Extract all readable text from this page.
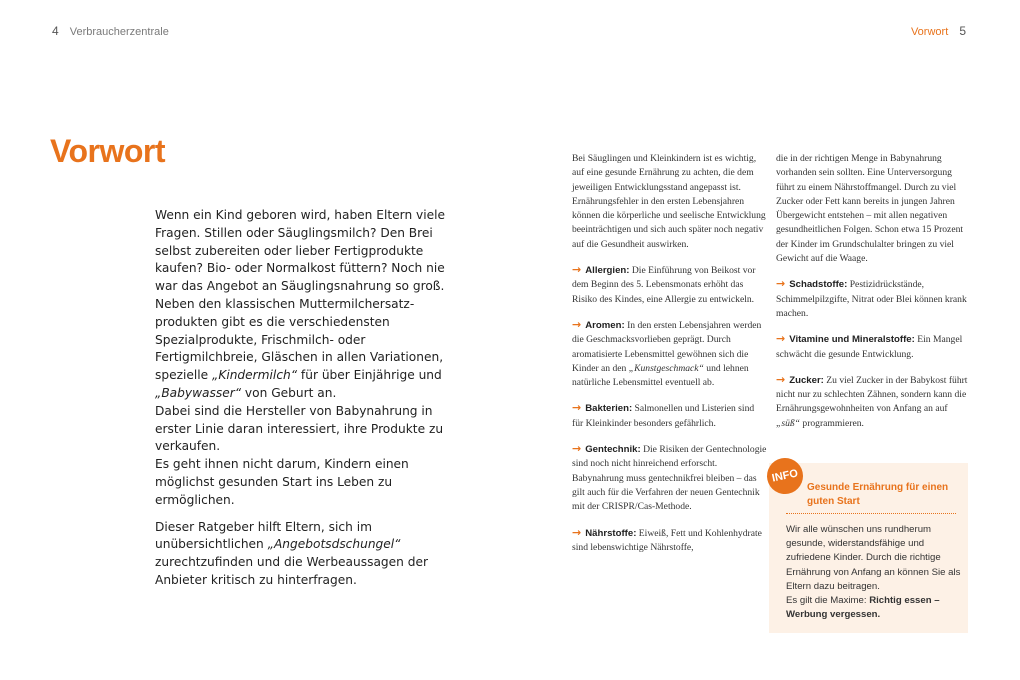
4 Verbraucherzentrale	Vorwort 5
Vorwort

Wenn ein Kind geboren wird, haben Eltern viele Fragen. Stillen oder Säuglingsmilch? Den Brei selbst zubereiten oder lieber Fertigprodukte kaufen? Bio- oder Normalkost füttern? Noch nie war das Angebot an Säuglingsnahrung so groß. Neben den klassischen Muttermilchersatz-produkten gibt es die verschiedensten Spezialprodukte, Frischmilch- oder Fertigmilchbreie, Gläschen in allen Variationen, spezielle „Kindermilch“ für über Einjährige und „Babywasser“ von Geburt an.
Dabei sind die Hersteller von Babynahrung in erster Linie daran interessiert, ihre Produkte zu verkaufen.
Es geht ihnen nicht darum, Kindern einen möglichst gesunden Start ins Leben zu ermöglichen.

Dieser Ratgeber hilft Eltern, sich im unübersichtlichen „Angebotsdschungel“ zurechtzufinden und die Werbeaussagen der Anbieter kritisch zu hinterfragen.

Bei Säuglingen und Kleinkindern ist es wichtig, auf eine gesunde Ernährung zu achten, die dem jeweiligen Entwicklungsstand angepasst ist. Ernährungsfehler in den ersten Lebensjahren können die körperliche und seelische Entwicklung beeinträchtigen und sich auch später noch negativ auf die Gesundheit auswirken.

→ Allergien: Die Einführung von Beikost vor dem Beginn des 5. Lebensmonats erhöht das Risiko des Kindes, eine Allergie zu entwickeln.

→ Aromen: In den ersten Lebensjahren werden die Geschmacksvorlieben geprägt. Durch aromatisierte Lebensmittel gewöhnen sich die Kinder an den „Kunstgeschmack“ und lehnen natürliche Lebensmittel eventuell ab.

→ Bakterien: Salmonellen und Listerien sind für Kleinkinder besonders gefährlich.

→ Gentechnik: Die Risiken der Gentechnologie sind noch nicht hinreichend erforscht. Babynahrung muss gentechnikfrei bleiben – das gilt auch für die Verfahren der neuen Gentechnik mit der CRISPR/Cas-Methode.

→ Nährstoffe: Eiweiß, Fett und Kohlenhydrate sind lebenswichtige Nährstoffe,

die in der richtigen Menge in Babynahrung vorhanden sein sollten. Eine Unterversorgung führt zu einem Nährstoffmangel. Durch zu viel Zucker oder Fett kann bereits in jungen Jahren Übergewicht entstehen – mit allen negativen gesundheitlichen Folgen. Schon etwa 15 Prozent der Kinder im Grundschulalter bringen zu viel Gewicht auf die Waage.

→ Schadstoffe: Pestizidrückstände, Schimmelpilzgifte, Nitrat oder Blei können krank machen.

→ Vitamine und Mineralstoffe: Ein Mangel schwächt die gesunde Entwicklung.

→ Zucker: Zu viel Zucker in der Babykost führt nicht nur zu schlechten Zähnen, sondern kann die Ernährungsgewohnheiten von Anfang an auf „süß“ programmieren.

INFO
Gesunde Ernährung für einen guten Start
Wir alle wünschen uns rundherum gesunde, widerstandsfähige und zufriedene Kinder. Durch die richtige Ernährung von Anfang an können Sie als Eltern dazu beitragen.
Es gilt die Maxime: Richtig essen – Werbung vergessen.
